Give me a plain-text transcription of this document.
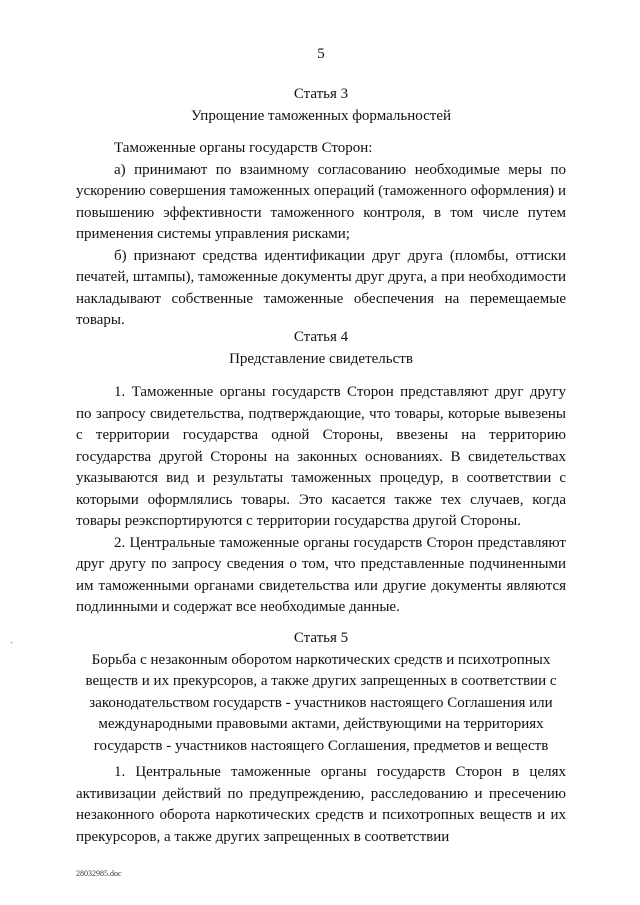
5
Статья 3
Упрощение таможенных формальностей

Таможенные органы государств Сторон:

а) принимают по взаимному согласованию необходимые меры по ускорению совершения таможенных операций (таможенного оформления) и повышению эффективности таможенного контроля, в том числе путем применения системы управления рисками;

б) признают средства идентификации друг друга (пломбы, оттиски печатей, штампы), таможенные документы друг друга, а при необходимости накладывают собственные таможенные обеспечения на перемещаемые товары.

Статья 4
Представление свидетельств

1. Таможенные органы государств Сторон представляют друг другу по запросу свидетельства, подтверждающие, что товары, которые вывезены с территории государства одной Стороны, ввезены на территорию государства другой Стороны на законных основаниях. В свидетельствах указываются вид и результаты таможенных процедур, в соответствии с которыми оформлялись товары. Это касается также тех случаев, когда товары реэкспортируются с территории государства другой Стороны.

2. Центральные таможенные органы государств Сторон представляют друг другу по запросу сведения о том, что представленные подчиненными им таможенными органами свидетельства или другие документы являются подлинными и содержат все необходимые данные.

Статья 5
Борьба с незаконным оборотом наркотических средств и психотропных
веществ и их прекурсоров, а также других запрещенных в соответствии с
законодательством государств - участников настоящего Соглашения или
международными правовыми актами, действующими на территориях
государств - участников настоящего Соглашения, предметов и веществ

1. Центральные таможенные органы государств Сторон в целях активизации действий по предупреждению, расследованию и пресечению незаконного оборота наркотических средств и психотропных веществ и их прекурсоров, а также других запрещенных в соответствии

ˏ
28032985.doc
